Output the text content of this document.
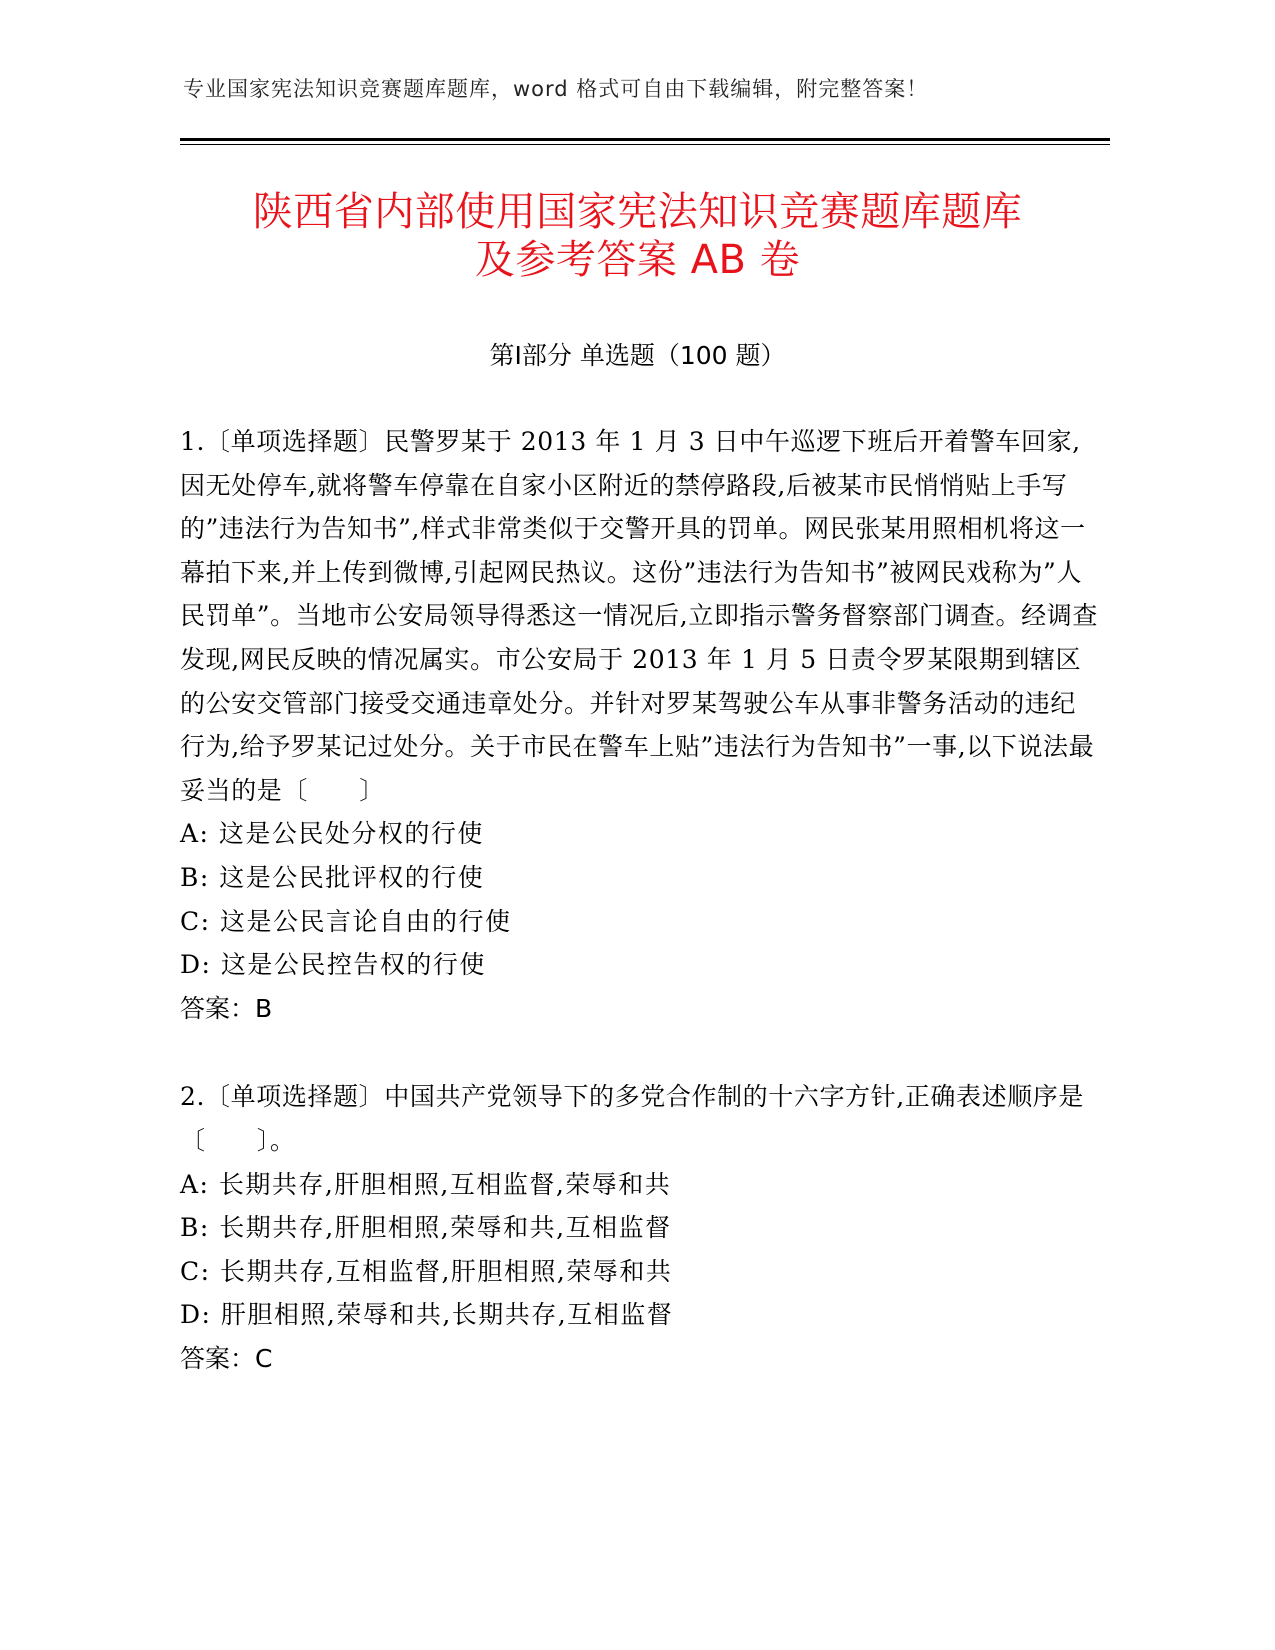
专业国家宪法知识竞赛题库题库，word 格式可自由下载编辑，附完整答案！
陕西省内部使用国家宪法知识竞赛题库题库
及参考答案 AB 卷
第Ⅰ部分 单选题（100 题）

1.〔单项选择题〕民警罗某于 2013 年 1 月 3 日中午巡逻下班后开着警车回家,因无处停车,就将警车停靠在自家小区附近的禁停路段,后被某市民悄悄贴上手写的”违法行为告知书”,样式非常类似于交警开具的罚单。网民张某用照相机将这一幕拍下来,并上传到微博,引起网民热议。这份”违法行为告知书”被网民戏称为”人民罚单”。当地市公安局领导得悉这一情况后,立即指示警务督察部门调查。经调查发现,网民反映的情况属实。市公安局于 2013 年 1 月 5 日责令罗某限期到辖区的公安交管部门接受交通违章处分。并针对罗某驾驶公车从事非警务活动的违纪行为,给予罗某记过处分。关于市民在警车上贴”违法行为告知书”一事,以下说法最妥当的是〔　　〕

A: 这是公民处分权的行使
B: 这是公民批评权的行使
C: 这是公民言论自由的行使
D: 这是公民控告权的行使
答案：B

2.〔单项选择题〕中国共产党领导下的多党合作制的十六字方针,正确表述顺序是〔　　〕。

A: 长期共存,肝胆相照,互相监督,荣辱和共
B: 长期共存,肝胆相照,荣辱和共,互相监督
C: 长期共存,互相监督,肝胆相照,荣辱和共
D: 肝胆相照,荣辱和共,长期共存,互相监督
答案：C
